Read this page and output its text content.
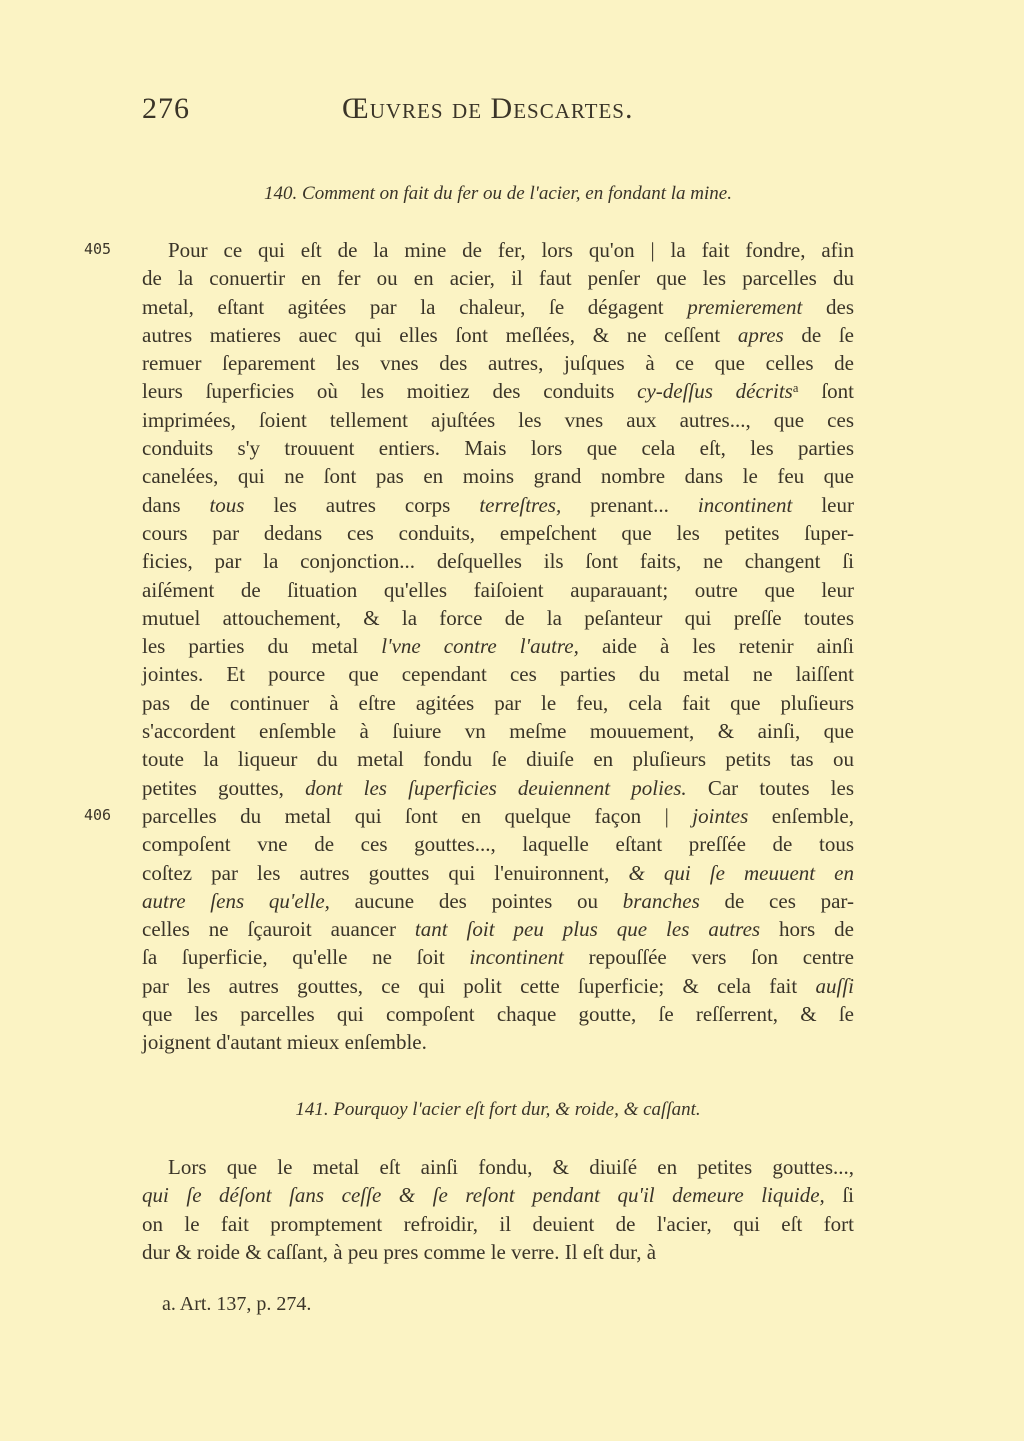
276	Œuvres de Descartes.
140. Comment on fait du fer ou de l'acier, en fondant la mine.
405
406
Pour ce qui eſt de la mine de fer, lors qu'on | la fait fondre, afin
de la conuertir en fer ou en acier, il faut penſer que les parcelles du
metal, eſtant agitées par la chaleur, ſe dégagent premierement des
autres matieres auec qui elles ſont meſlées, & ne ceſſent apres de ſe
remuer ſeparement les vnes des autres, juſques à ce que celles de
leurs ſuperficies où les moitiez des conduits cy-deſſus décritsᵃ ſont
imprimées, ſoient tellement ajuſtées les vnes aux autres..., que ces
conduits s'y trouuent entiers. Mais lors que cela eſt, les parties
canelées, qui ne ſont pas en moins grand nombre dans le feu que
dans tous les autres corps terreſtres, prenant... incontinent leur
cours par dedans ces conduits, empeſchent que les petites ſuper-
ficies, par la conjonction... deſquelles ils ſont faits, ne changent ſi
aiſément de ſituation qu'elles faiſoient auparauant; outre que leur
mutuel attouchement, & la force de la peſanteur qui preſſe toutes
les parties du metal l'vne contre l'autre, aide à les retenir ainſi
jointes. Et pource que cependant ces parties du metal ne laiſſent
pas de continuer à eſtre agitées par le feu, cela fait que pluſieurs
s'accordent enſemble à ſuiure vn meſme mouuement, & ainſi, que
toute la liqueur du metal fondu ſe diuiſe en pluſieurs petits tas ou
petites gouttes, dont les ſuperficies deuiennent polies. Car toutes les
parcelles du metal qui ſont en quelque façon | jointes enſemble,
compoſent vne de ces gouttes..., laquelle eſtant preſſée de tous
coſtez par les autres gouttes qui l'enuironnent, & qui ſe meuuent en
autre ſens qu'elle, aucune des pointes ou branches de ces par-
celles ne ſçauroit auancer tant ſoit peu plus que les autres hors de
ſa ſuperficie, qu'elle ne ſoit incontinent repouſſée vers ſon centre
par les autres gouttes, ce qui polit cette ſuperficie; & cela fait auſſi
que les parcelles qui compoſent chaque goutte, ſe reſſerrent, & ſe
joignent d'autant mieux enſemble.
141. Pourquoy l'acier eſt fort dur, & roide, & caſſant.
Lors que le metal eſt ainſi fondu, & diuiſé en petites gouttes...,
qui ſe déſont ſans ceſſe & ſe reſont pendant qu'il demeure liquide, ſi
on le fait promptement refroidir, il deuient de l'acier, qui eſt fort
dur & roide & caſſant, à peu pres comme le verre. Il eſt dur, à
a. Art. 137, p. 274.
